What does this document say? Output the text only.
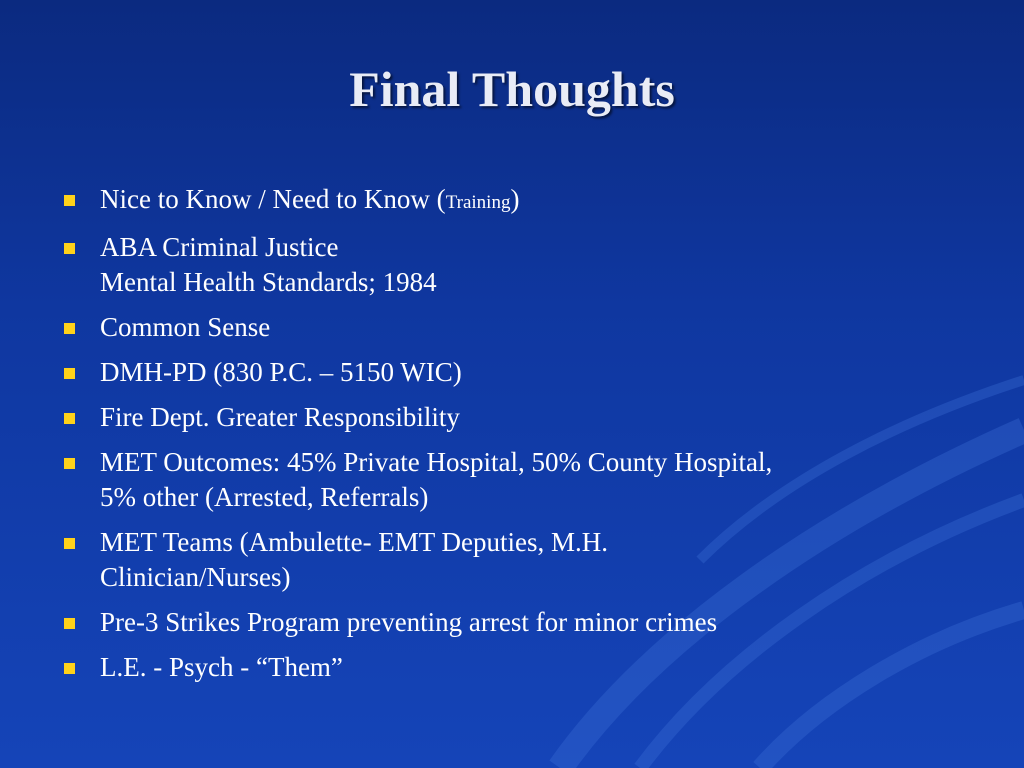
Final Thoughts
Nice to Know / Need to Know (Training)
ABA Criminal Justice
Mental Health Standards; 1984
Common Sense
DMH-PD (830 P.C. – 5150 WIC)
Fire Dept. Greater Responsibility
MET Outcomes: 45% Private Hospital, 50% County Hospital,
5% other (Arrested, Referrals)
MET Teams (Ambulette- EMT Deputies, M.H.
Clinician/Nurses)
Pre-3 Strikes Program preventing arrest for minor crimes
L.E. - Psych - “Them”
